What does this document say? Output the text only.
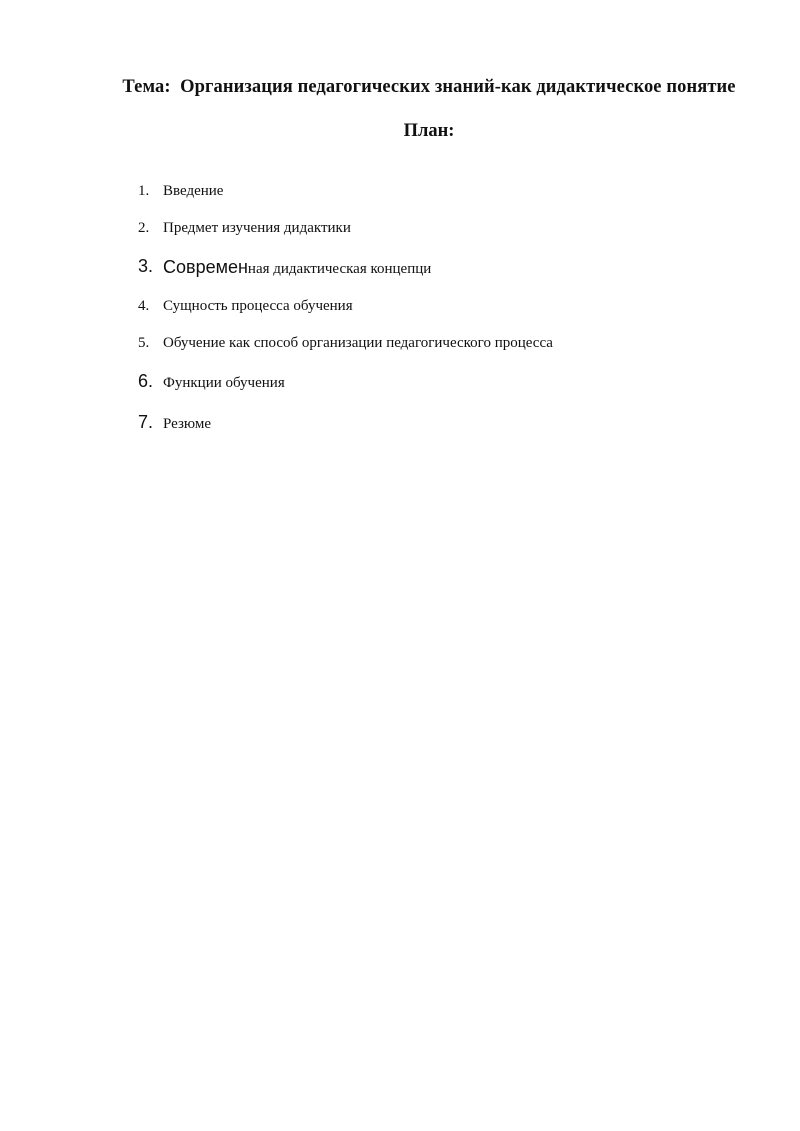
Тема: Организация педагогических знаний-как дидактическое понятие
План:
1. Введение
2. Предмет изучения дидактики
3. Современная дидактическая концепци
4. Сущность процесса обучения
5. Обучение как способ организации педагогического процесса
6. Функции обучения
7. Резюме
